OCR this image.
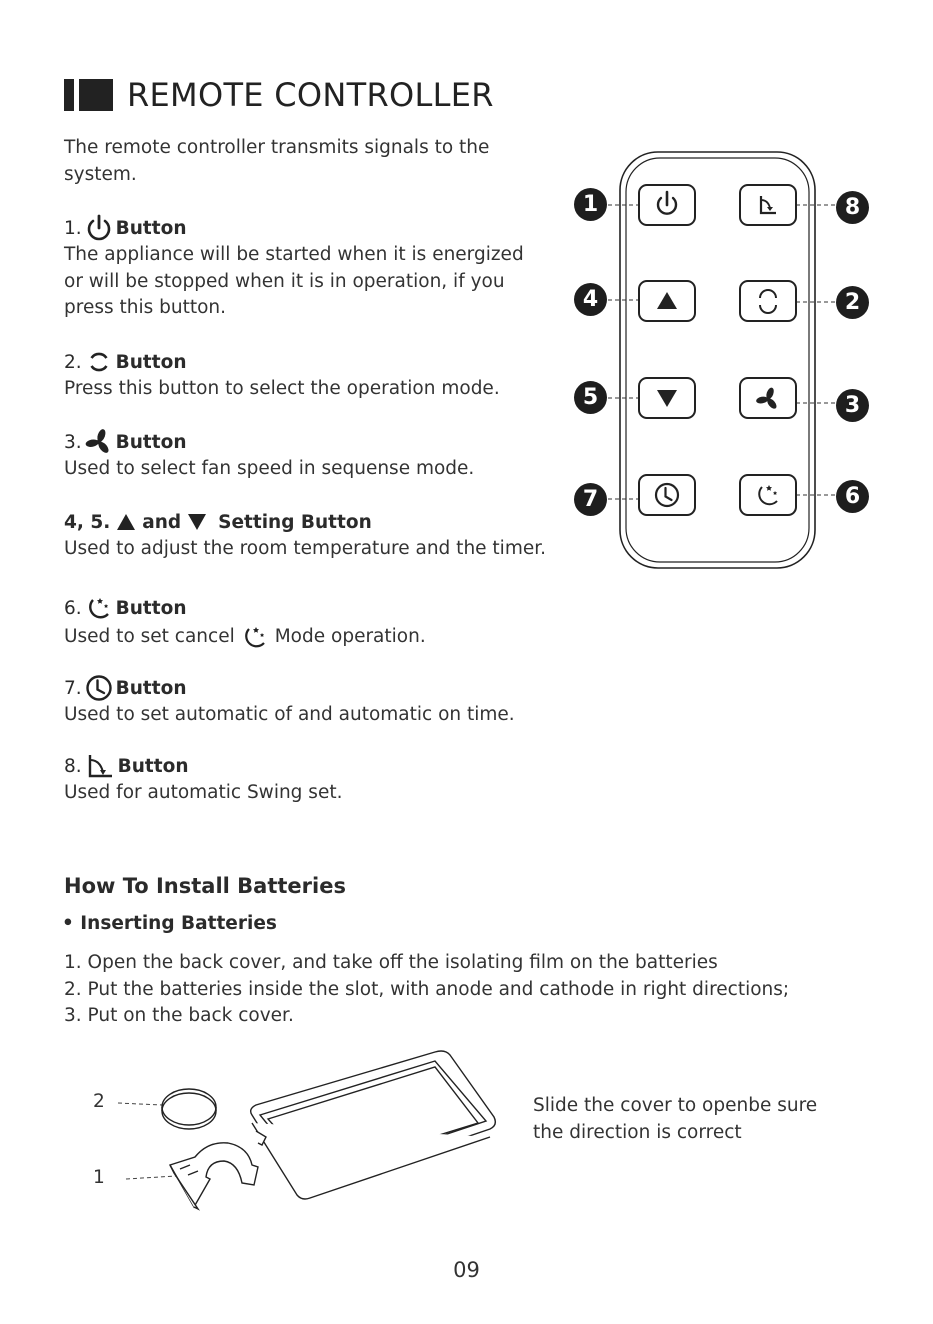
REMOTE CONTROLLER
The remote controller transmits signals to the
system.
1. Button
The appliance will be started when it is energized
or will be stopped when it is in operation, if you
press this button.
2. Button
Press this button to select the operation mode.
3. Button
Used to select fan speed in sequense mode.
4, 5. and Setting Button
Used to adjust the room temperature and the timer.
6. Button
Used to set cancel Mode operation.
7. Button
Used to set automatic of and automatic on time.
8. Button
Used for automatic Swing set.
1
4
5
7
8
2
3
6
How To Install Batteries
• Inserting Batteries
1. Open the back cover, and take off the isolating film on the batteries
2. Put the batteries inside the slot, with anode and cathode in right directions;
3. Put on the back cover.
2
1
Slide the cover to openbe sure
the direction is correct
09
